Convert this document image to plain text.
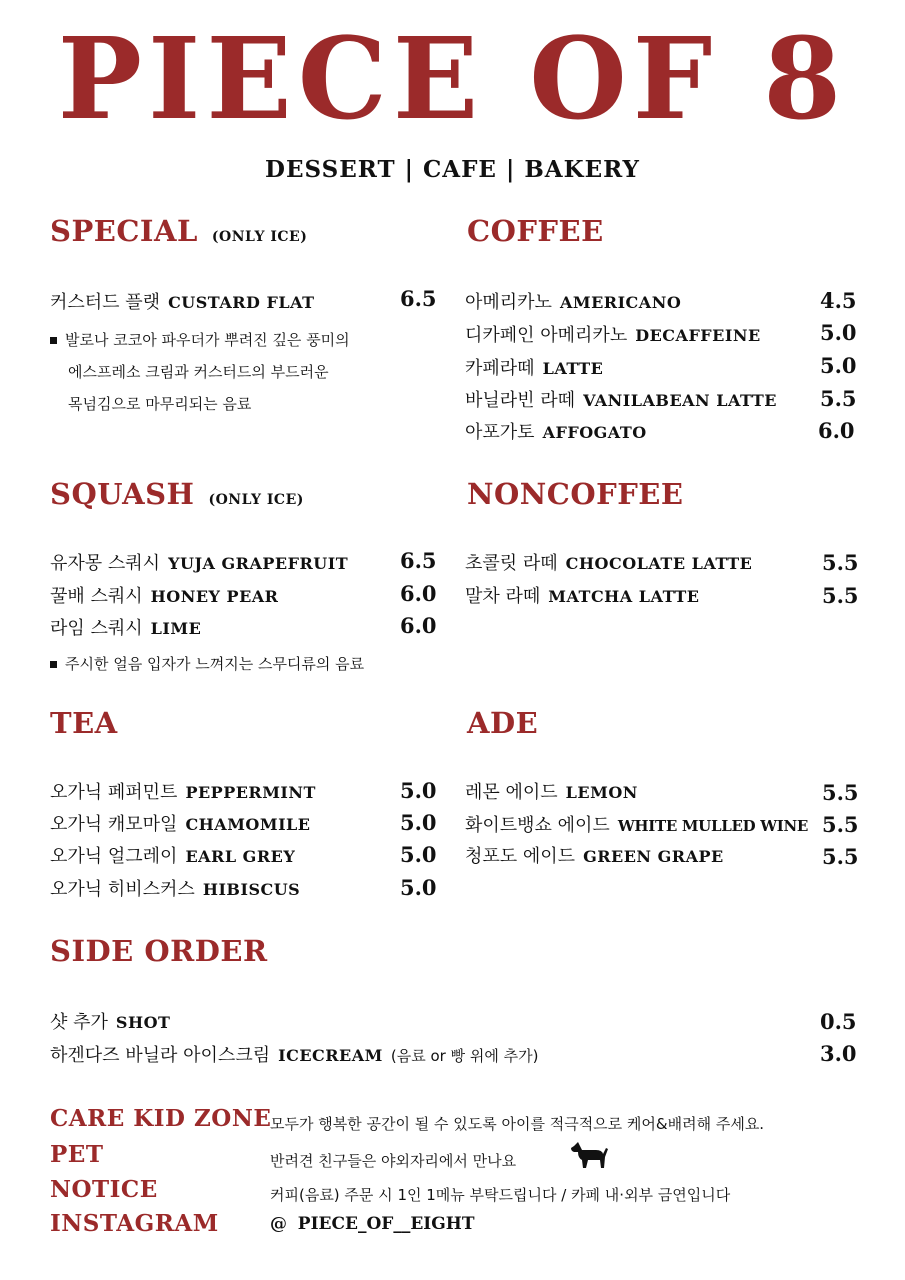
PIECE OF 8
DESSERT | CAFE | BAKERY
SPECIAL (ONLY ICE)
커스터드 플랫 CUSTARD FLAT	6.5
발로나 코코아 파우더가 뿌려진 깊은 풍미의
에스프레소 크림과 커스터드의 부드러운
목넘김으로 마무리되는 음료
COFFEE
아메리카노 AMERICANO	4.5
디카페인 아메리카노 DECAFFEINE	5.0
카페라떼 LATTE	5.0
바닐라빈 라떼 VANILABEAN LATTE 5.5
아포가토 AFFOGATO	6.0
SQUASH (ONLY ICE)
유자몽 스쿼시 YUJA GRAPEFRUIT 6.5
꿀배 스쿼시 HONEY PEAR	6.0
라임 스쿼시 LIME	6.0
주시한 얼음 입자가 느껴지는 스무디류의 음료
NONCOFFEE
초콜릿 라떼 CHOCOLATE LATTE	5.5
말차 라떼 MATCHA LATTE	5.5
TEA
오가닉 페퍼민트 PEPPERMINT	5.0
오가닉 캐모마일 CHAMOMILE	5.0
오가닉 얼그레이 EARL GREY	5.0
오가닉 히비스커스 HIBISCUS	5.0
ADE
레몬 에이드 LEMON	5.5
화이트뱅쇼 에이드 WHITE MULLED WINE 5.5
청포도 에이드 GREEN GRAPE	5.5
SIDE ORDER
샷 추가 SHOT	0.5
하겐다즈 바닐라 아이스크림 ICECREAM (음료 or 빵 위에 추가)	3.0
CARE KID ZONE
모두가 행복한 공간이 될 수 있도록 아이를 적극적으로 케어&배려해 주세요.
PET	반려견 친구들은 야외자리에서 만나요
NOTICE	커피(음료) 주문 시 1인 1메뉴 부탁드립니다 / 카페 내·외부 금연입니다
INSTAGRAM	@ PIECE_OF__EIGHT
